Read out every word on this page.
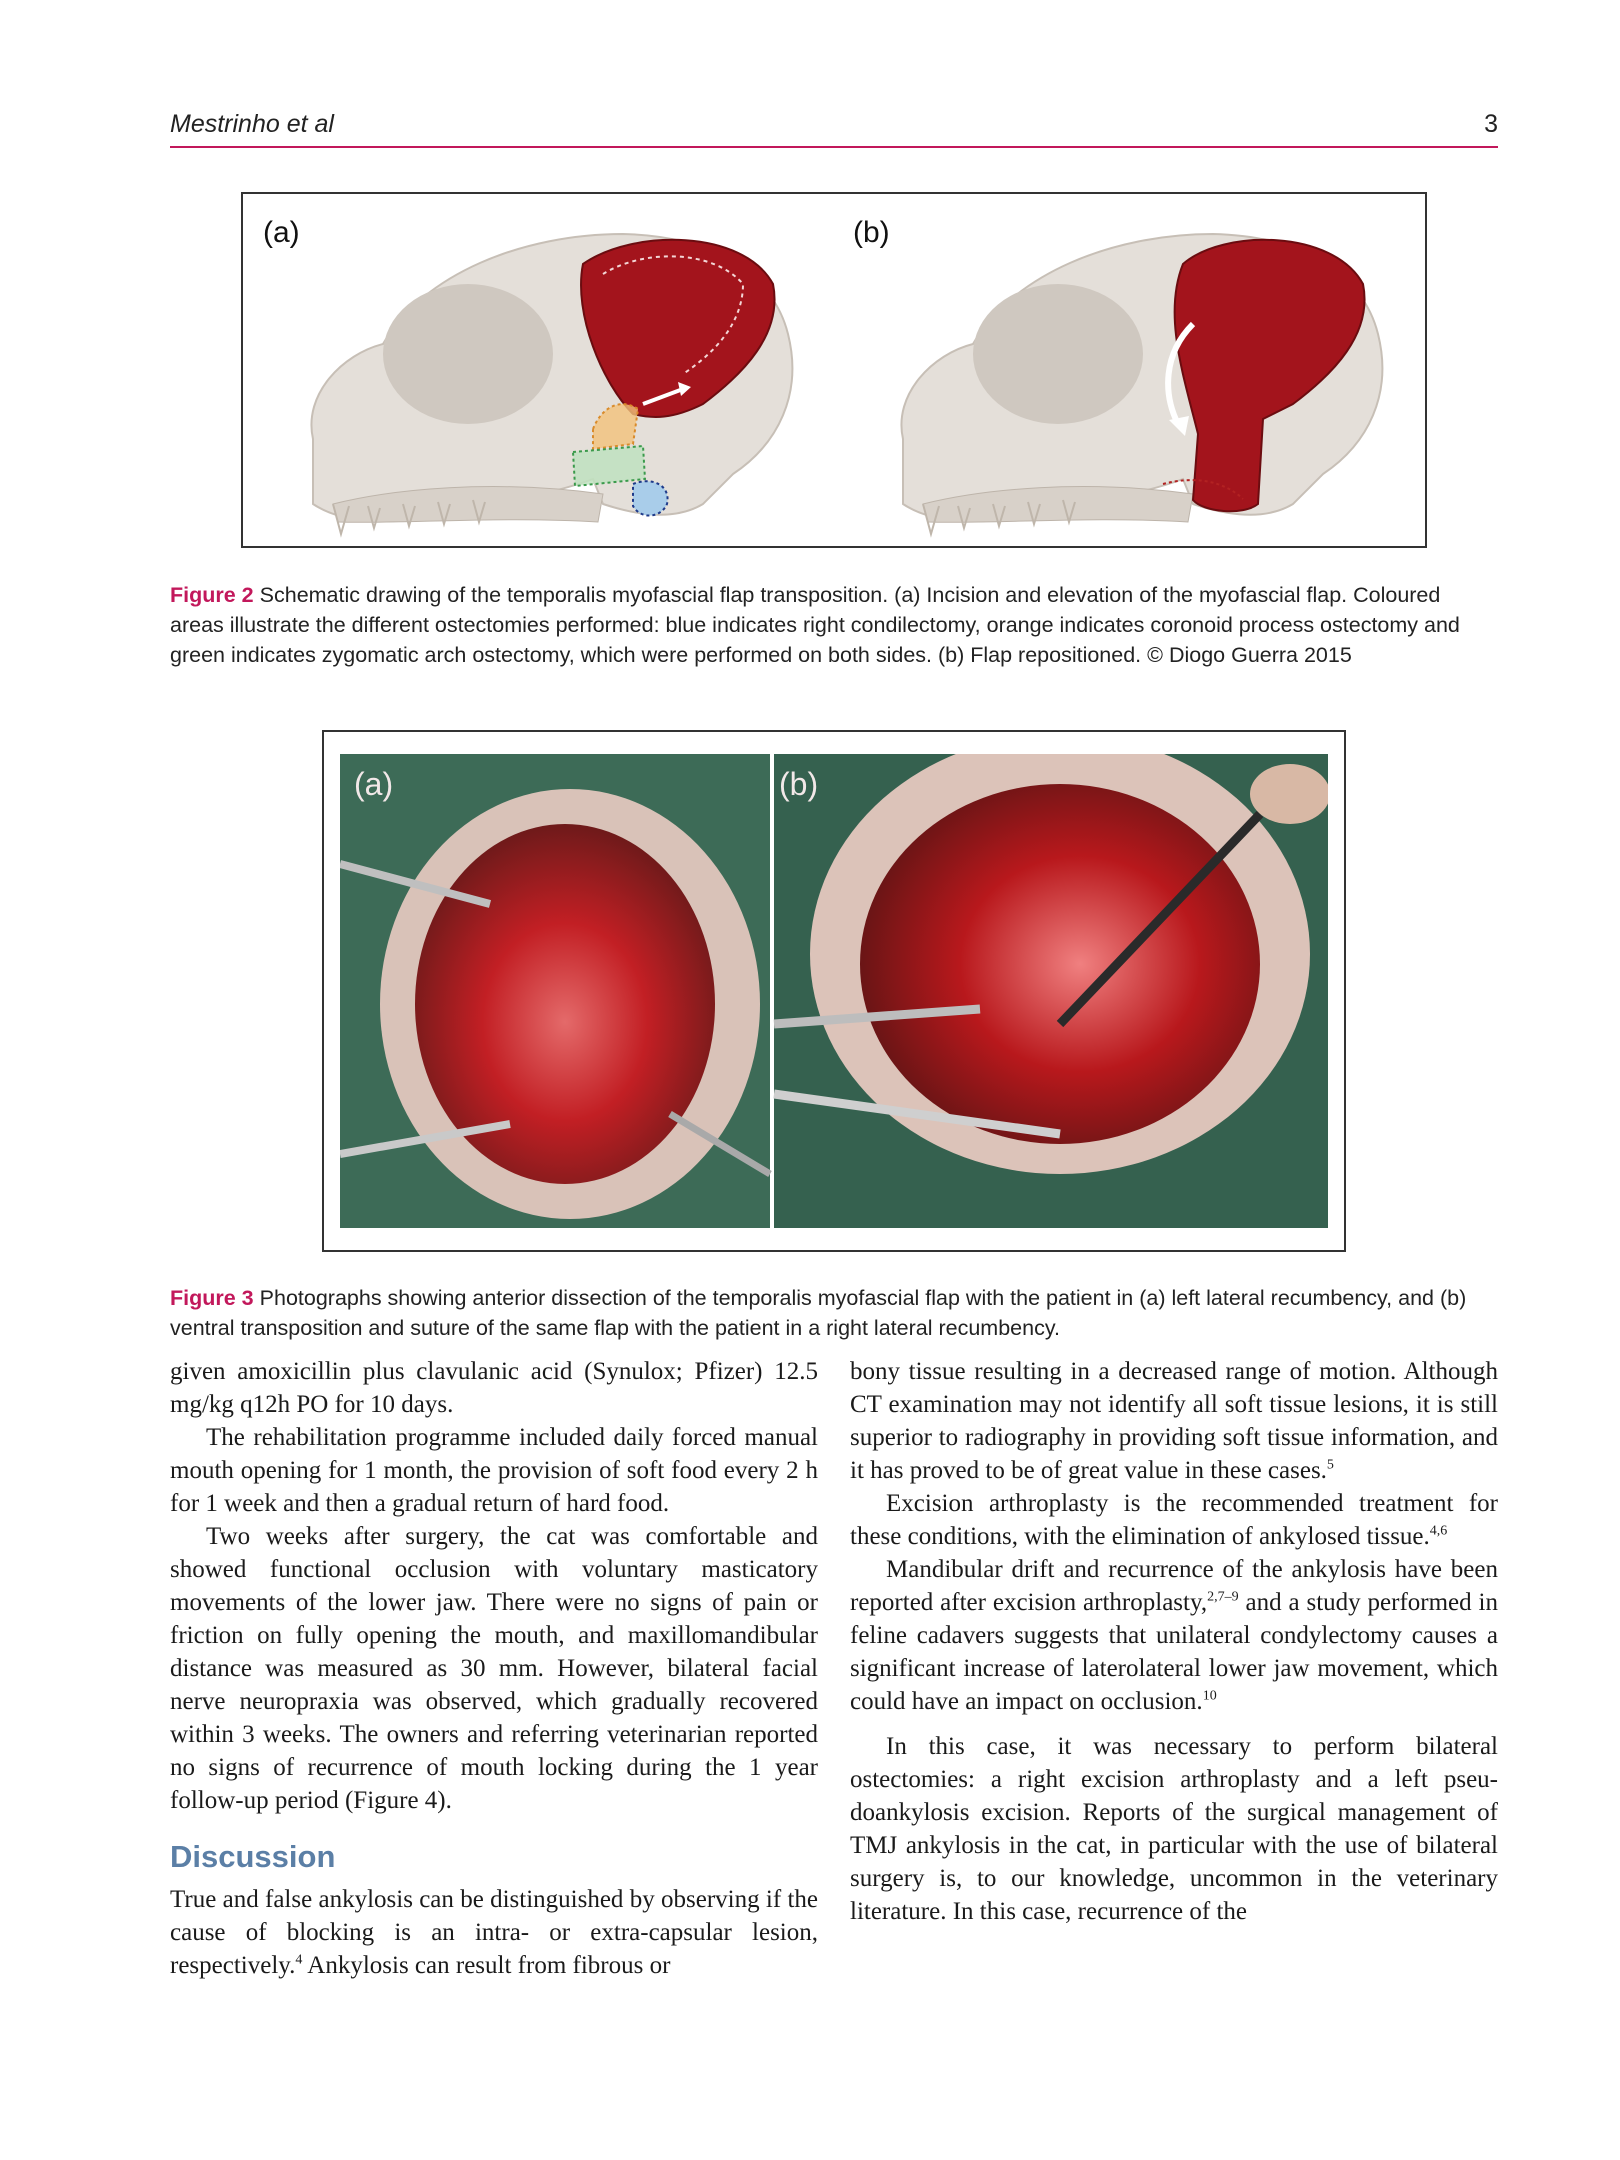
Mestrinho et al	3
(a)	(b)
Figure 2 Schematic drawing of the temporalis myofascial flap transposition. (a) Incision and elevation of the myofascial flap. Coloured areas illustrate the different ostectomies performed: blue indicates right condilectomy, orange indicates coronoid process ostectomy and green indicates zygomatic arch ostectomy, which were performed on both sides. (b) Flap repositioned. © Diogo Guerra 2015
(a)	(b)
Figure 3 Photographs showing anterior dissection of the temporalis myofascial flap with the patient in (a) left lateral recumbency, and (b) ventral transposition and suture of the same flap with the patient in a right lateral recumbency.

given amoxicillin plus clavulanic acid (Synulox; Pfizer) 12.5 mg/kg q12h PO for 10 days.

The rehabilitation programme included daily forced manual mouth opening for 1 month, the provision of soft food every 2 h for 1 week and then a gradual return of hard food.

Two weeks after surgery, the cat was comfortable and showed functional occlusion with voluntary masticatory movements of the lower jaw. There were no signs of pain or friction on fully opening the mouth, and maxillomandibular distance was measured as 30 mm. However, bilateral facial nerve neuropraxia was observed, which gradually recovered within 3 weeks. The owners and referring veterinarian reported no signs of recurrence of mouth locking during the 1 year follow-up period (Figure 4).

Discussion

True and false ankylosis can be distinguished by observing if the cause of blocking is an intra- or extra-capsular lesion, respectively.$^4$ Ankylosis can result from fibrous or

bony tissue resulting in a decreased range of motion. Although CT examination may not identify all soft tissue lesions, it is still superior to radiography in providing soft tissue information, and it has proved to be of great value in these cases.$^5$

Excision arthroplasty is the recommended treatment for these conditions, with the elimination of ankylosed tissue.$^{4,6}$

Mandibular drift and recurrence of the ankylosis have been reported after excision arthroplasty,$^{2,7-9}$ and a study performed in feline cadavers suggests that unilateral condylectomy causes a significant increase of laterolateral lower jaw movement, which could have an impact on occlusion.$^{10}$

In this case, it was necessary to perform bilateral ostectomies: a right excision arthroplasty and a left pseudoankylosis excision. Reports of the surgical management of TMJ ankylosis in the cat, in particular with the use of bilateral surgery is, to our knowledge, uncommon in the veterinary literature. In this case, recurrence of the
